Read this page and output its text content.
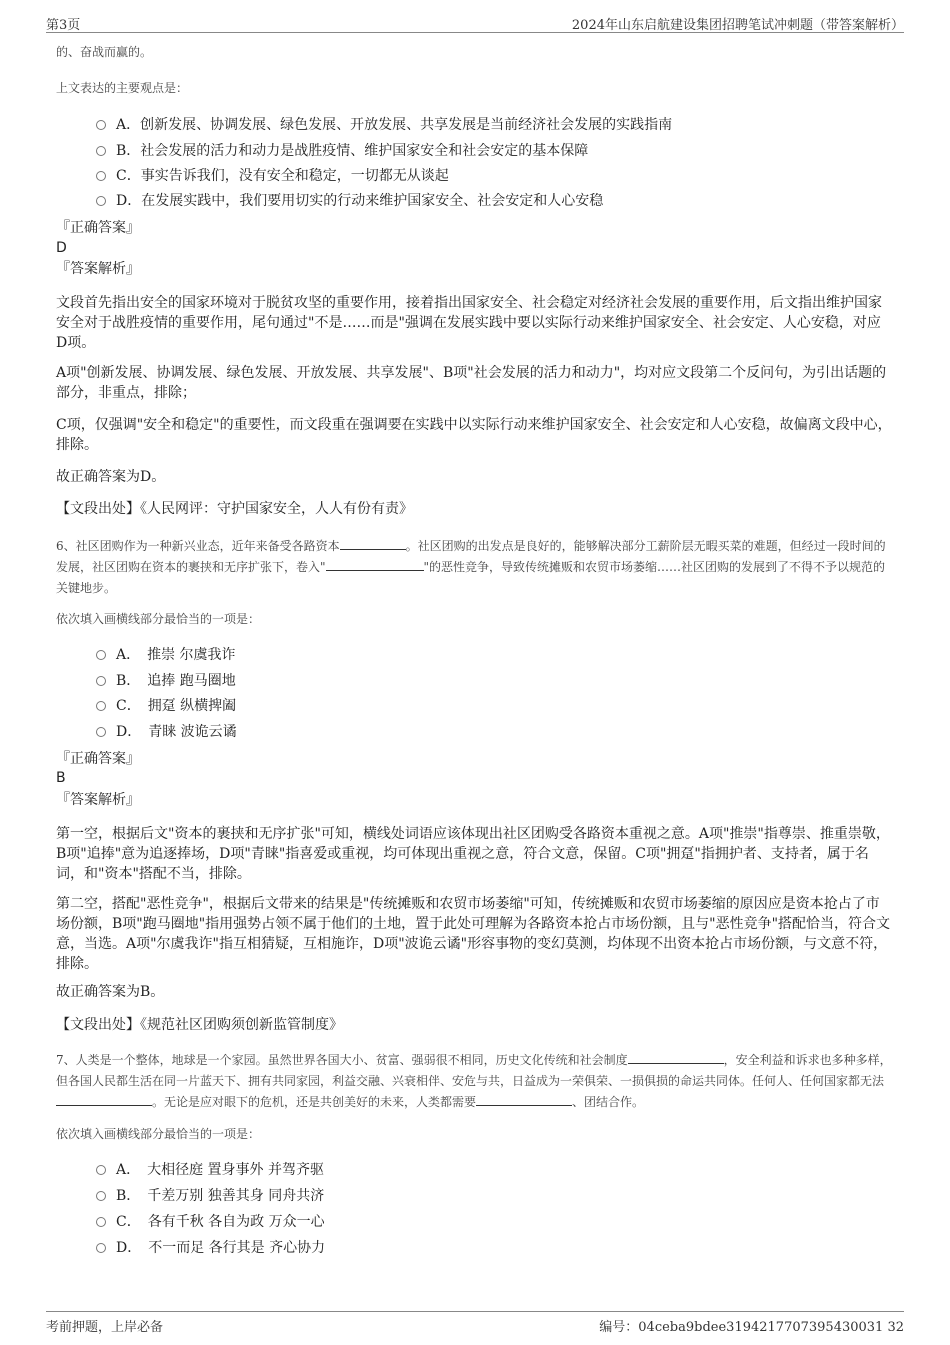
第3页	2024年山东启航建设集团招聘笔试冲刺题（带答案解析）
的、奋战而赢的。
上文表达的主要观点是：
A．创新发展、协调发展、绿色发展、开放发展、共享发展是当前经济社会发展的实践指南
B．社会发展的活力和动力是战胜疫情、维护国家安全和社会安定的基本保障
C．事实告诉我们，没有安全和稳定，一切都无从谈起
D．在发展实践中，我们要用切实的行动来维护国家安全、社会安定和人心安稳
『正确答案』
D
『答案解析』
文段首先指出安全的国家环境对于脱贫攻坚的重要作用，接着指出国家安全、社会稳定对经济社会发展的重要作用，后文指出维护国家安全对于战胜疫情的重要作用，尾句通过"不是……而是"强调在发展实践中要以实际行动来维护国家安全、社会安定、人心安稳，对应D项。
A项"创新发展、协调发展、绿色发展、开放发展、共享发展"、B项"社会发展的活力和动力"，均对应文段第二个反问句，为引出话题的部分，非重点，排除；
C项，仅强调"安全和稳定"的重要性，而文段重在强调要在实践中以实际行动来维护国家安全、社会安定和人心安稳，故偏离文段中心，排除。
故正确答案为D。
【文段出处】《人民网评：守护国家安全，人人有份有责》
6、社区团购作为一种新兴业态，近年来备受各路资本	。社区团购的出发点是良好的，能够解决部分工薪阶层无暇买菜的难题，但经过一段时间的发展，社区团购在资本的裹挟和无序扩张下，卷入"	"的恶性竞争，导致传统摊贩和农贸市场萎缩……社区团购的发展到了不得不予以规范的关键地步。
依次填入画横线部分最恰当的一项是：
A．　推崇 尔虞我诈
B．　追捧 跑马圈地
C．　拥趸 纵横捭阖
D．　青睐 波诡云谲
『正确答案』
B
『答案解析』
第一空，根据后文"资本的裹挟和无序扩张"可知，横线处词语应该体现出社区团购受各路资本重视之意。A项"推崇"指尊崇、推重崇敬，B项"追捧"意为追逐捧场，D项"青睐"指喜爱或重视，均可体现出重视之意，符合文意，保留。C项"拥趸"指拥护者、支持者，属于名词，和"资本"搭配不当，排除。
第二空，搭配"恶性竞争"，根据后文带来的结果是"传统摊贩和农贸市场萎缩"可知，传统摊贩和农贸市场萎缩的原因应是资本抢占了市场份额，B项"跑马圈地"指用强势占领不属于他们的土地，置于此处可理解为各路资本抢占市场份额，且与"恶性竞争"搭配恰当，符合文意，当选。A项"尔虞我诈"指互相猜疑，互相施诈，D项"波诡云谲"形容事物的变幻莫测，均体现不出资本抢占市场份额，与文意不符，排除。
故正确答案为B。
【文段出处】《规范社区团购须创新监管制度》
7、人类是一个整体，地球是一个家园。虽然世界各国大小、贫富、强弱很不相同，历史文化传统和社会制度	，安全利益和诉求也多种多样，但各国人民都生活在同一片蓝天下、拥有共同家园，利益交融、兴衰相伴、安危与共，日益成为一荣俱荣、一损俱损的命运共同体。任何人、任何国家都无法。无论是应对眼下的危机，还是共创美好的未来，人类都需要	、团结合作。
依次填入画横线部分最恰当的一项是：
A．　大相径庭 置身事外 并驾齐驱
B．　千差万别 独善其身 同舟共济
C．　各有千秋 各自为政 万众一心
D．　不一而足 各行其是 齐心协力
考前押题，上岸必备	编号：04ceba9bdee3194217707395430031 32
